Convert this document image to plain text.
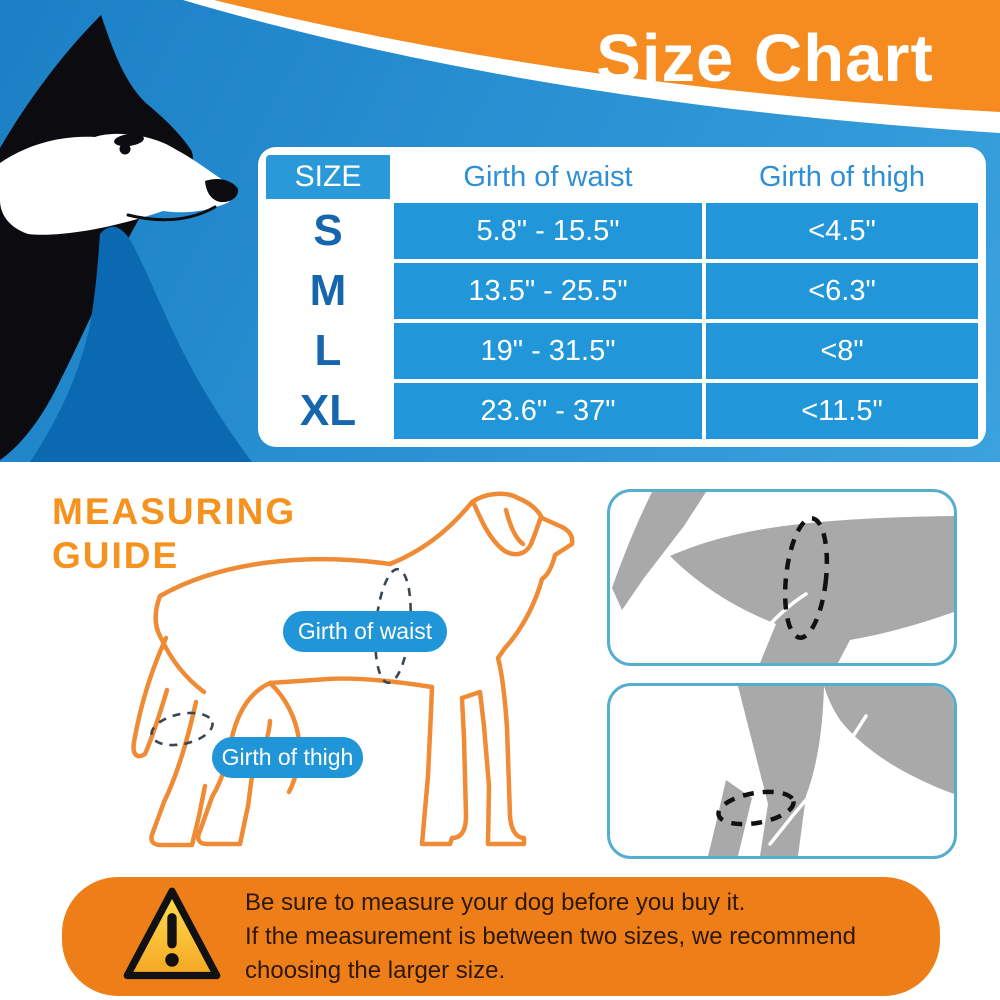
Size Chart
SIZE	Girth of waist	Girth of thigh
S	5.8" - 15.5"	<4.5"
M	13.5" - 25.5"	<6.3"
L	19" - 31.5"	<8"
XL	23.6" - 37"	<11.5"
MEASURING
GUIDE
Girth of waist
Girth of thigh
Be sure to measure your dog before you buy it.
If the measurement is between two sizes, we recommend
choosing the larger size.
